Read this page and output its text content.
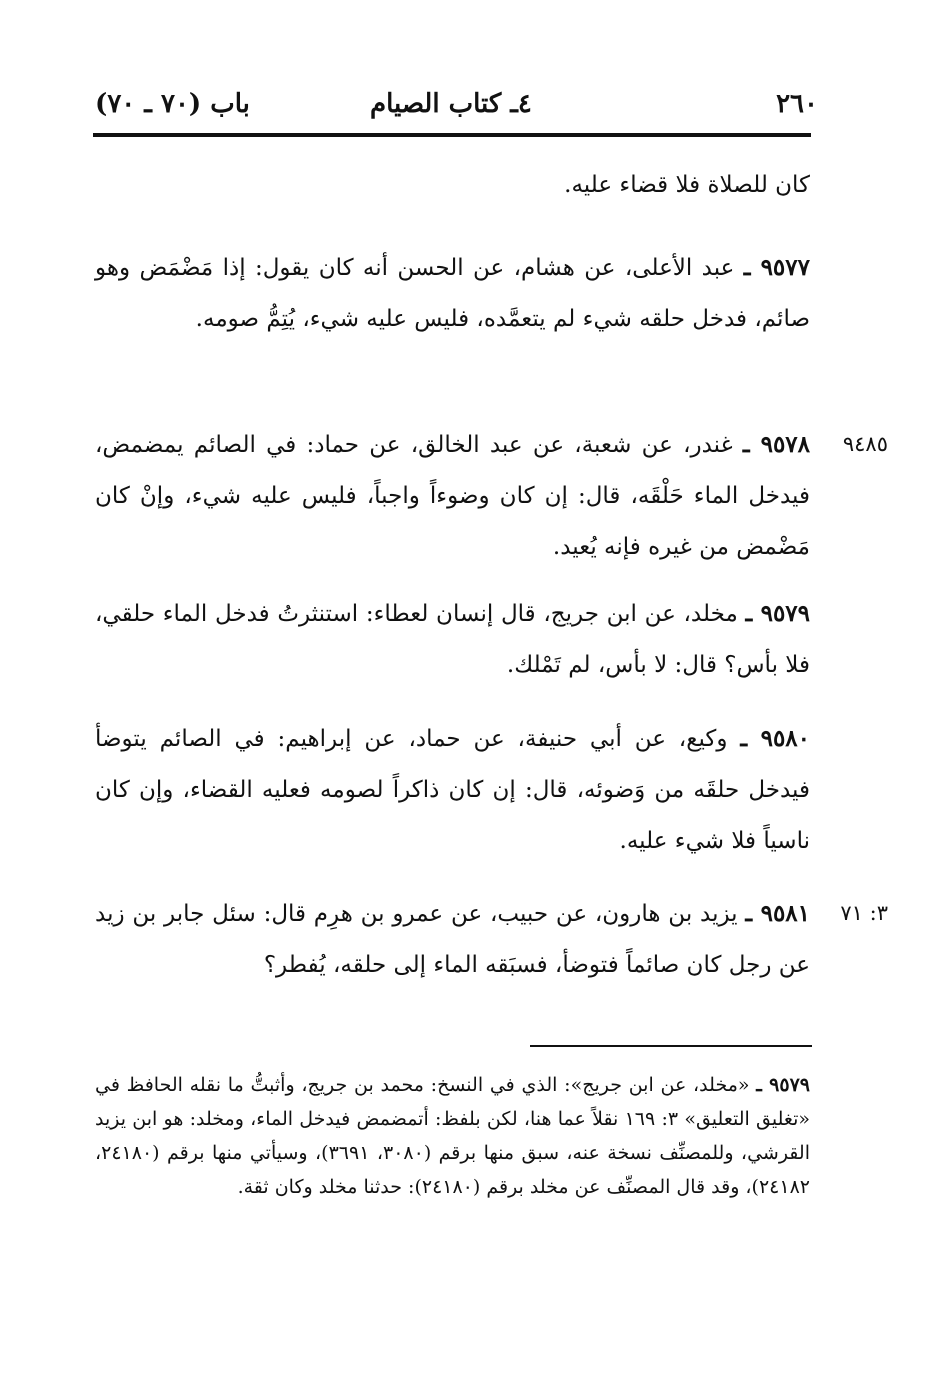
٢٦٠
٤ـ كتاب الصيام
باب (٧٠ ـ ٧٠)

كان للصلاة فلا قضاء عليه.

٩٥٧٧ ـ عبد الأعلى، عن هشام، عن الحسن أنه كان يقول: إذا مَضْمَض وهو صائم، فدخل حلقه شيء لم يتعمَّده، فليس عليه شيء، يُتِمُّ صومه.

٩٤٨٥

٩٥٧٨ ـ غندر، عن شعبة، عن عبد الخالق، عن حماد: في الصائم يمضمض، فيدخل الماء حَلْقَه، قال: إن كان وضوءاً واجباً، فليس عليه شيء، وإنْ كان مَضْمض من غيره فإنه يُعيد.

٩٥٧٩ ـ مخلد، عن ابن جريج، قال إنسان لعطاء: استنثرتُ فدخل الماء حلقي، فلا بأس؟ قال: لا بأس، لم تَمْلك.

٩٥٨٠ ـ وكيع، عن أبي حنيفة، عن حماد، عن إبراهيم: في الصائم يتوضأ فيدخل حلقَه من وَضوئه، قال: إن كان ذاكراً لصومه فعليه القضاء، وإن كان ناسياً فلا شيء عليه.

٣: ٧١

٩٥٨١ ـ يزيد بن هارون، عن حبيب، عن عمرو بن هرِم قال: سئل جابر بن زيد عن رجل كان صائماً فتوضأ، فسبَقه الماء إلى حلقه، يُفطر؟

٩٥٧٩ ـ «مخلد، عن ابن جريج»: الذي في النسخ: محمد بن جريج، وأثبتُّ ما نقله الحافظ في «تغليق التعليق» ٣: ١٦٩ نقلاً عما هنا، لكن بلفظ: أتمضمض فيدخل الماء، ومخلد: هو ابن يزيد القرشي، وللمصنِّف نسخة عنه، سبق منها برقم (٣٠٨٠، ٣٦٩١)، وسيأتي منها برقم (٢٤١٨٠، ٢٤١٨٢)، وقد قال المصنِّف عن مخلد برقم (٢٤١٨٠): حدثنا مخلد وكان ثقة.
